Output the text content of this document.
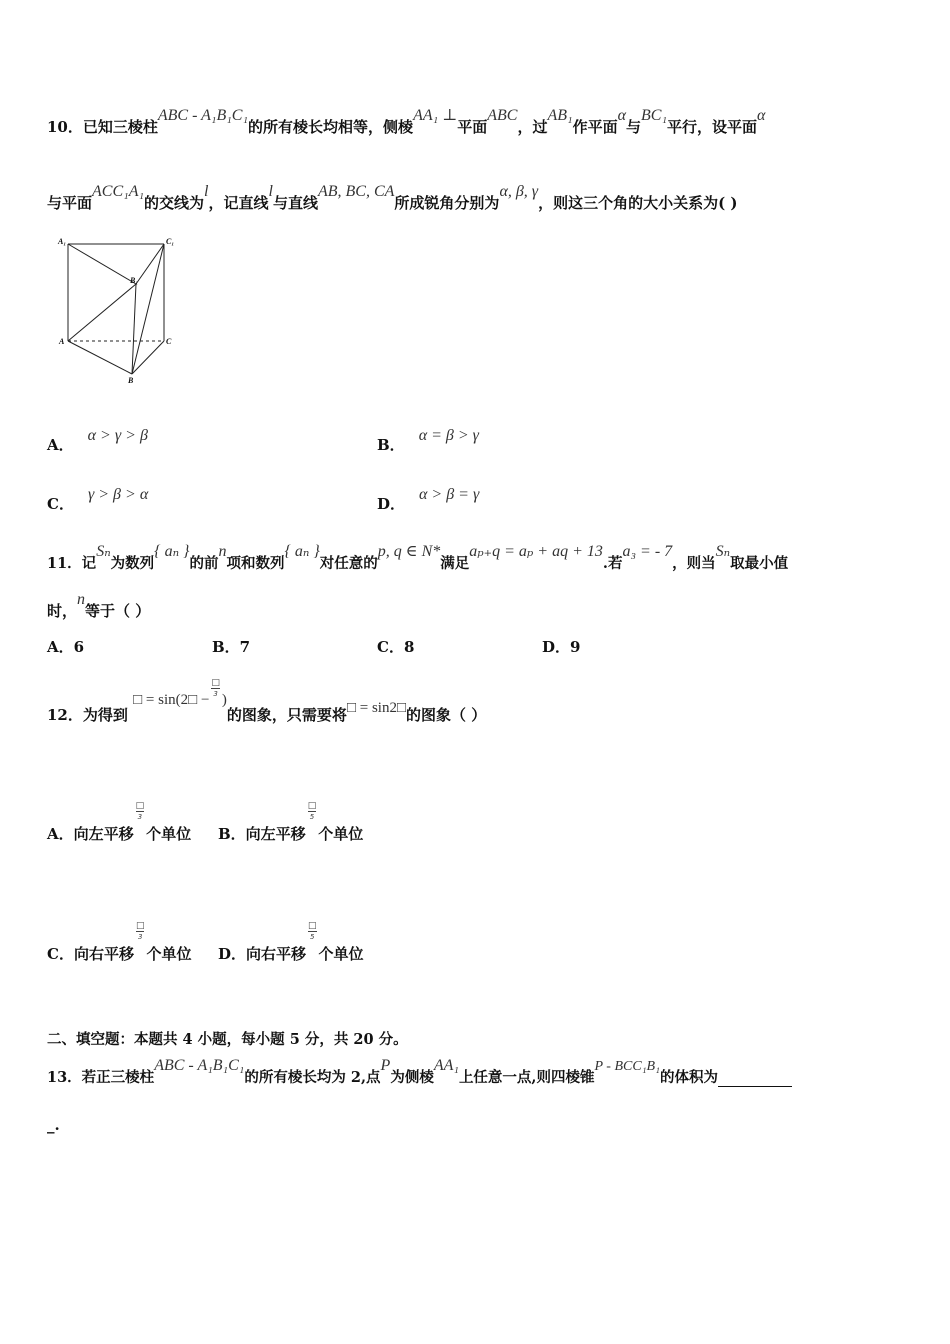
10．已知三棱柱ABC - A₁B₁C₁的所有棱长均相等，侧棱AA₁ ⊥平面ABC，过AB₁作平面α与BC₁平行，设平面α
与平面ACC₁A₁的交线为l，记直线l与直线AB, BC, CA所成锐角分别为α, β, γ，则这三个角的大小关系为( )
A₁	C₁
B₁
A	C
B
A．α > γ > β
B．α = β > γ
C．γ > β > α
D．α > β = γ
11．记Sₙ为数列{ aₙ }的前n项和数列{ aₙ }对任意的p, q ∈ N*满足aₚ₊q = aₚ + aq + 13.若a₃ = - 7，则当Sₙ取最小值
时，n等于（ ）
A．6	B．7	C．8	D．9
12．为得到 □ = sin(2□ −
$\frac{□}{3}$
)的图象，只需要将□ = sin2□的图象（ ）
A．向左平移
$\frac{□}{3}$
个单位 B．向左平移
$\frac{□}{5}$
个单位
C．向右平移
$\frac{□}{3}$
个单位 D．向右平移
$\frac{□}{5}$
个单位
二、填空题：本题共 4 小题，每小题 5 分，共 20 分。
13．若正三棱柱ABC - A₁B₁C₁的所有棱长均为 2,点P为侧棱AA₁上任意一点,则四棱锥P - BCC₁B₁的体积为
_.
